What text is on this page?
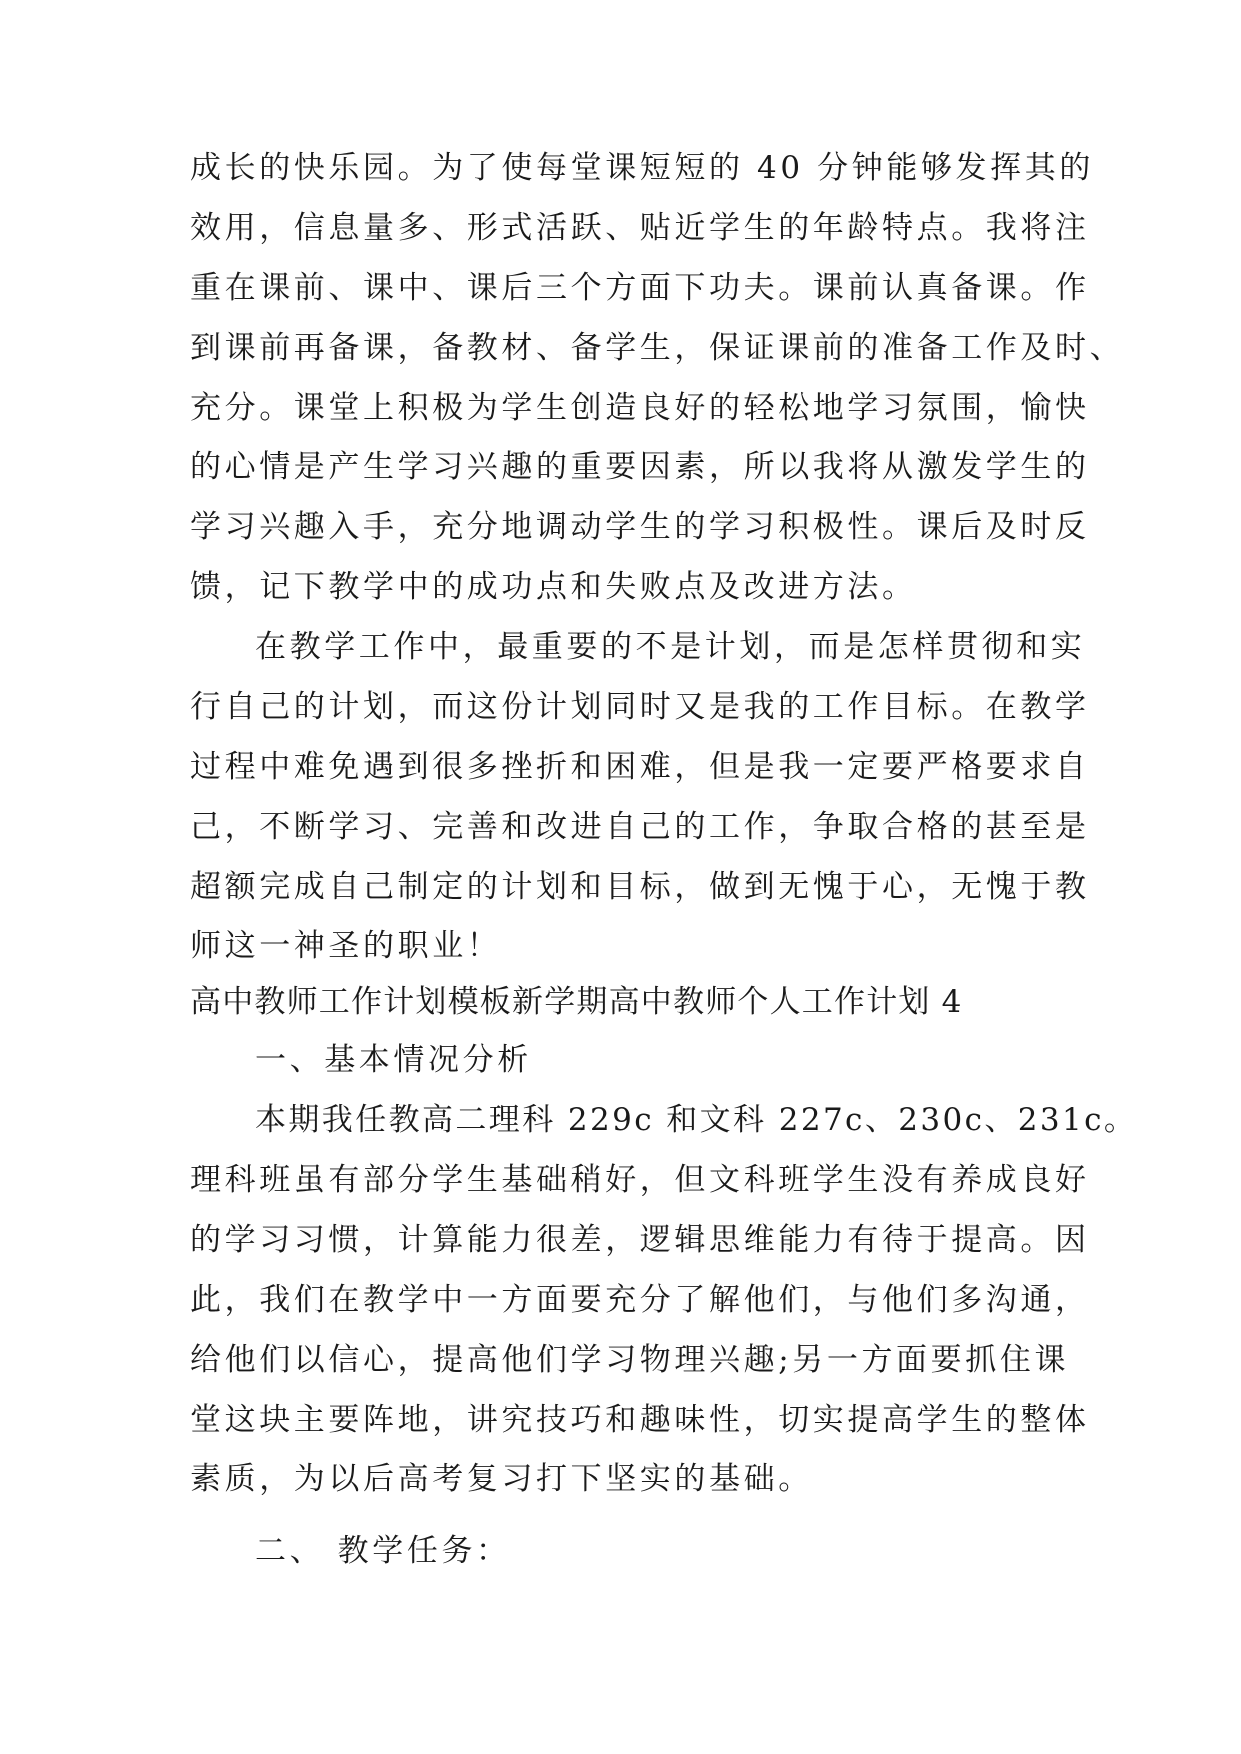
成长的快乐园。为了使每堂课短短的 40 分钟能够发挥其的
效用，信息量多、形式活跃、贴近学生的年龄特点。我将注
重在课前、课中、课后三个方面下功夫。课前认真备课。作
到课前再备课，备教材、备学生，保证课前的准备工作及时、
充分。课堂上积极为学生创造良好的轻松地学习氛围，愉快
的心情是产生学习兴趣的重要因素，所以我将从激发学生的
学习兴趣入手，充分地调动学生的学习积极性。课后及时反
馈，记下教学中的成功点和失败点及改进方法。
在教学工作中，最重要的不是计划，而是怎样贯彻和实
行自己的计划，而这份计划同时又是我的工作目标。在教学
过程中难免遇到很多挫折和困难，但是我一定要严格要求自
己，不断学习、完善和改进自己的工作，争取合格的甚至是
超额完成自己制定的计划和目标，做到无愧于心，无愧于教
师这一神圣的职业！
高中教师工作计划模板新学期高中教师个人工作计划 4
一、基本情况分析
本期我任教高二理科 229c 和文科 227c、230c、231c。
理科班虽有部分学生基础稍好，但文科班学生没有养成良好
的学习习惯，计算能力很差，逻辑思维能力有待于提高。因
此，我们在教学中一方面要充分了解他们，与他们多沟通，
给他们以信心，提高他们学习物理兴趣;另一方面要抓住课
堂这块主要阵地，讲究技巧和趣味性，切实提高学生的整体
素质，为以后高考复习打下坚实的基础。
二、 教学任务：
